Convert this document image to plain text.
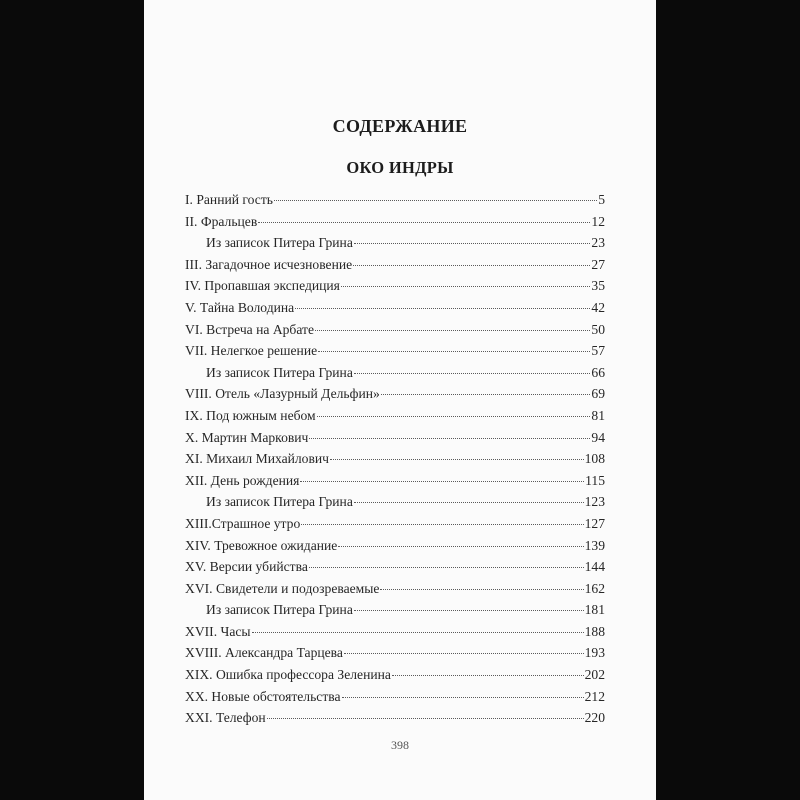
СОДЕРЖАНИЕ
ОКО ИНДРЫ
I. Ранний гость	5
II. Фральцев	12
Из записок Питера Грина	23
III. Загадочное исчезновение	27
IV. Пропавшая экспедиция	35
V. Тайна Володина	42
VI. Встреча на Арбате	50
VII. Нелегкое решение	57
Из записок Питера Грина	66
VIII. Отель «Лазурный Дельфин»	69
IX. Под южным небом	81
X. Мартин Маркович	94
XI. Михаил Михайлович	108
XII. День рождения	115
Из записок Питера Грина	123
XIII.Страшное утро	127
XIV. Тревожное ожидание	139
XV. Версии убийства	144
XVI. Свидетели и подозреваемые	162
Из записок Питера Грина	181
XVII. Часы	188
XVIII. Александра Тарцева	193
XIX. Ошибка профессора Зеленина	202
XX. Новые обстоятельства	212
XXI. Телефон	220
398
